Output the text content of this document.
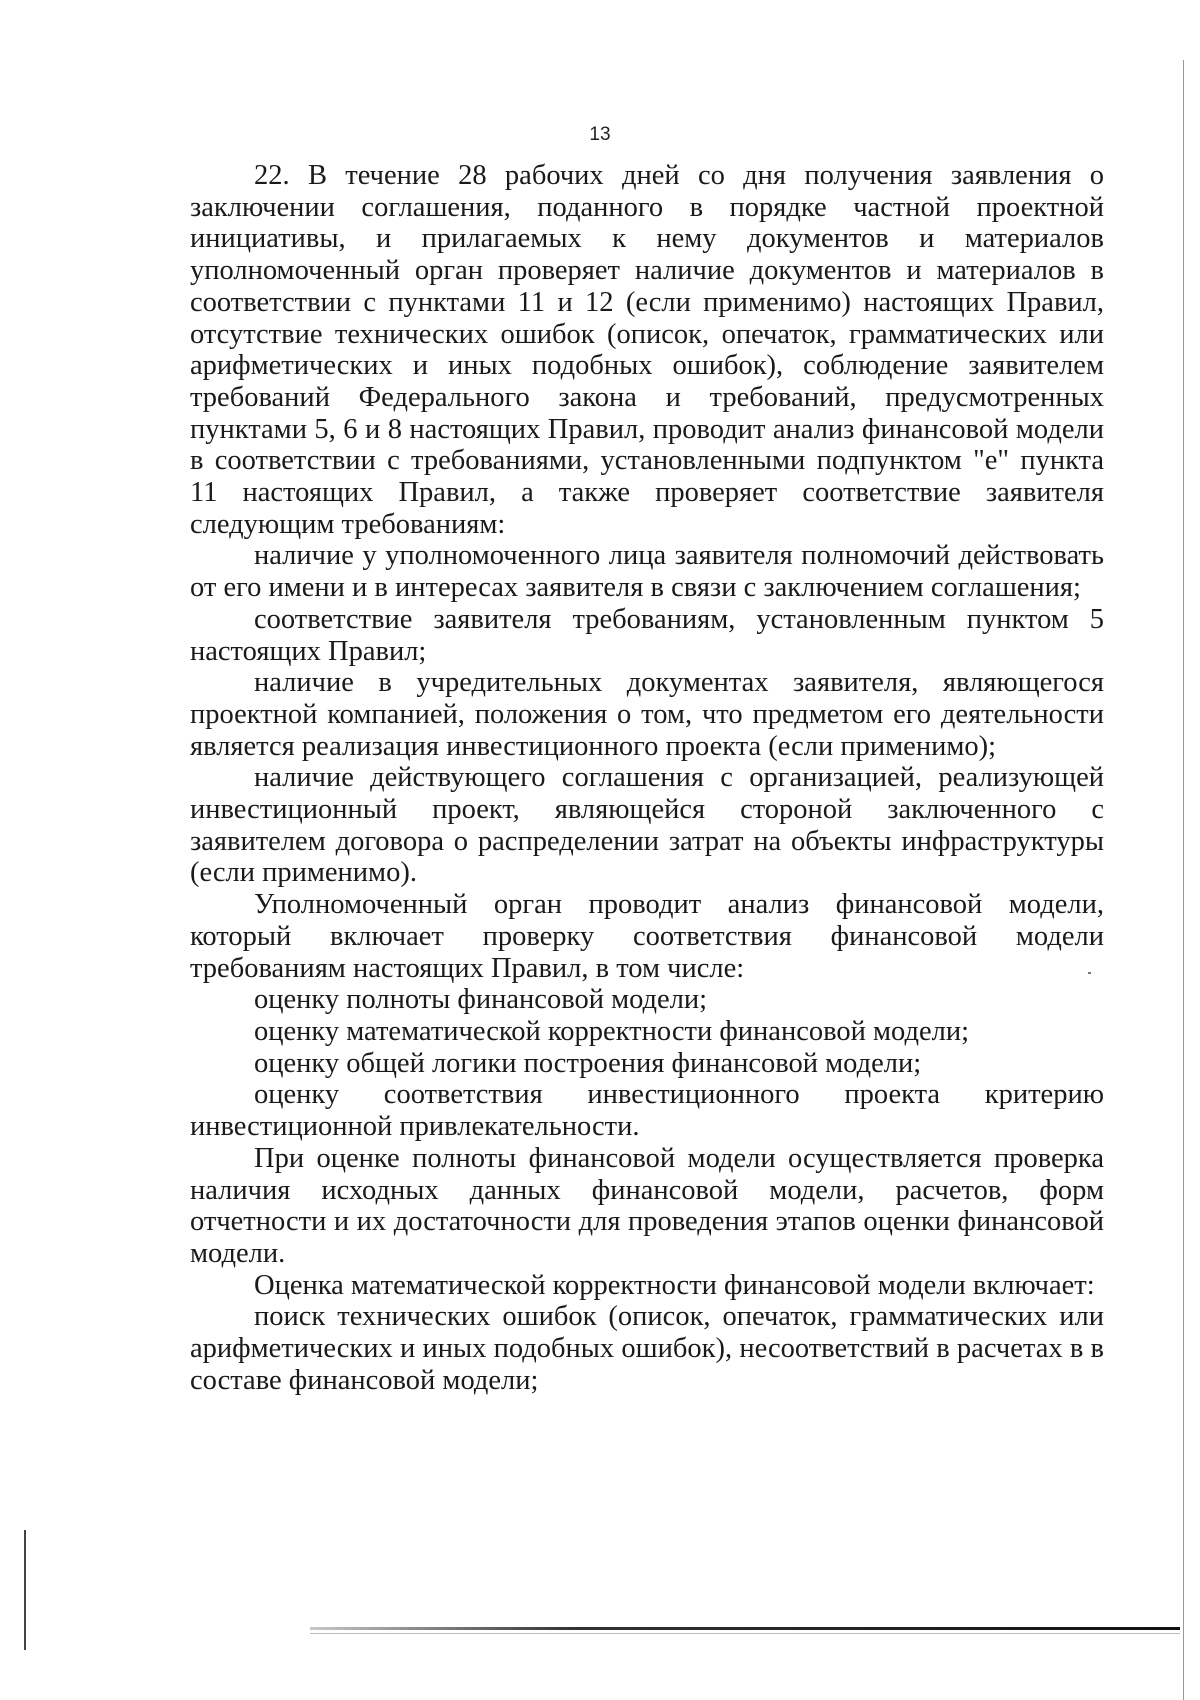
13

22. В течение 28 рабочих дней со дня получения заявления о заключении соглашения, поданного в порядке частной проектной инициативы, и прилагаемых к нему документов и материалов уполномоченный орган проверяет наличие документов и материалов в соответствии с пунктами 11 и 12 (если применимо) настоящих Правил, отсутствие технических ошибок (описок, опечаток, грамматических или арифметических и иных подобных ошибок), соблюдение заявителем требований Федерального закона и требований, предусмотренных пунктами 5, 6 и 8 настоящих Правил, проводит анализ финансовой модели в соответствии с требованиями, установленными подпунктом "е" пункта 11 настоящих Правил, а также проверяет соответствие заявителя следующим требованиям:

наличие у уполномоченного лица заявителя полномочий действовать от его имени и в интересах заявителя в связи с заключением соглашения;

соответствие заявителя требованиям, установленным пунктом 5 настоящих Правил;

наличие в учредительных документах заявителя, являющегося проектной компанией, положения о том, что предметом его деятельности является реализация инвестиционного проекта (если применимо);

наличие действующего соглашения с организацией, реализующей инвестиционный проект, являющейся стороной заключенного с заявителем договора о распределении затрат на объекты инфраструктуры (если применимо).

Уполномоченный орган проводит анализ финансовой модели, который включает проверку соответствия финансовой модели требованиям настоящих Правил, в том числе:

оценку полноты финансовой модели;

оценку математической корректности финансовой модели;

оценку общей логики построения финансовой модели;

оценку соответствия инвестиционного проекта критерию инвестиционной привлекательности.

При оценке полноты финансовой модели осуществляется проверка наличия исходных данных финансовой модели, расчетов, форм отчетности и их достаточности для проведения этапов оценки финансовой модели.

Оценка математической корректности финансовой модели включает:

поиск технических ошибок (описок, опечаток, грамматических или арифметических и иных подобных ошибок), несоответствий в расчетах в в составе финансовой модели;
